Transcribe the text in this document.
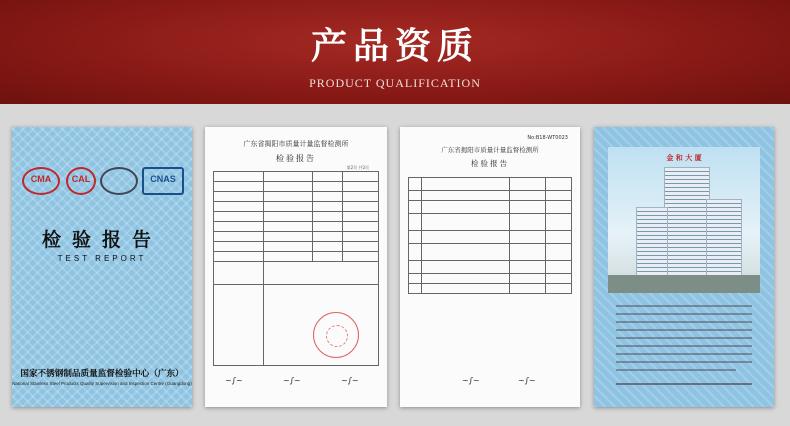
产品资质
PRODUCT QUALIFICATION
CMA	CAL	CNAS
检验报告
TEST REPORT
国家不锈钢制品质量监督检验中心（广东）
National Stainless Steel Products Quality Supervision and Inspection Centre (Guangdong)
广东省揭阳市质量计量监督检测所
检验报告
第2页 共2页

~∫~	~∫~	~∫~
No:B18-WT0023
广东省揭阳市质量计量监督检测所
检验报告

~∫~	~∫~
金 和 大 厦
